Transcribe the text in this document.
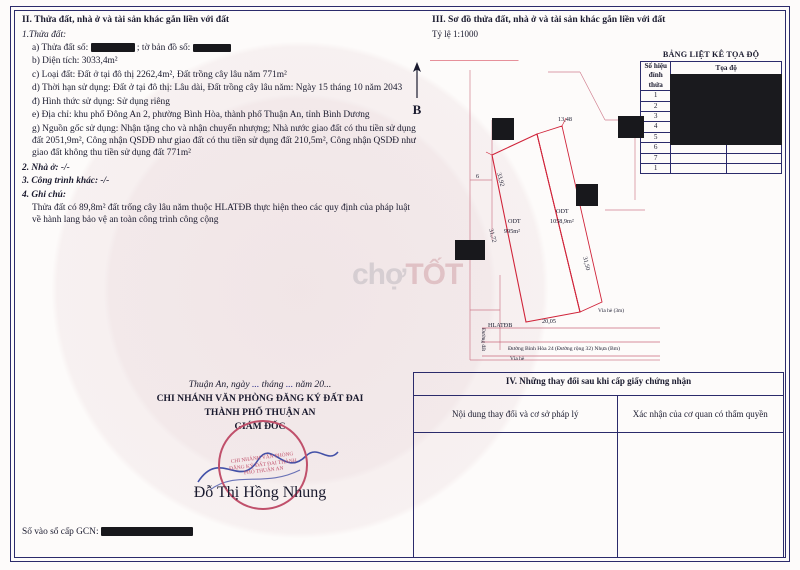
II. Thửa đất, nhà ở và tài sản khác gắn liền với đất
1.Thửa đất:
a) Thửa đất số:	; tờ bản đồ số:
b) Diện tích: 3033,4m²
c) Loại đất: Đất ở tại đô thị 2262,4m², Đất trồng cây lâu năm 771m²
d) Thời hạn sử dụng: Đất ở tại đô thị: Lâu dài, Đất trồng cây lâu năm: Ngày 15 tháng 10 năm 2043
đ) Hình thức sử dụng: Sử dụng riêng
e) Địa chỉ: khu phố Đông An 2, phường Bình Hòa, thành phố Thuận An, tỉnh Bình Dương
g) Nguồn gốc sử dụng: Nhận tặng cho và nhận chuyển nhượng; Nhà nước giao đất có thu tiền sử dụng đất 2051,9m², Công nhận QSDĐ như giao đất có thu tiền sử dụng đất 210,5m², Công nhận QSDĐ như giao đất không thu tiền sử dụng đất 771m²
2. Nhà ở: -/-
3. Công trình khác: -/-
4. Ghi chú:
Thửa đất có 89,8m² đất trống cây lâu năm thuộc HLATĐB thực hiện theo các quy định của pháp luật về hành lang bảo vệ an toàn công trình công cộng
III. Sơ đồ thửa đất, nhà ở và tài sản khác gắn liền với đất
Tỷ lệ 1:1000
BẢNG LIỆT KÊ TỌA ĐỘ
Số hiệu đỉnh thửa	Tọa độ	

1		
2		
3		
4		
5		
6		
7		
1		
B
13,48
33,92
31,72
31,50
20,05
6
ODT
995m²
ODT
1058,9m²
HLATĐB
Đường Bình Hòa 24 (Đường rộng 32) Nhựa (Bm)
Đường đất
Vìa hè
Vỉa hè (3m)
chợTỐT
Thuận An, ngày ... tháng ... năm 20...
CHI NHÁNH VĂN PHÒNG ĐĂNG KÝ ĐẤT ĐAI
THÀNH PHỐ THUẬN AN
GIÁM ĐỐC
CHI NHÁNH VĂN PHÒNG ĐĂNG KÝ ĐẤT ĐAI THÀNH PHỐ THUẬN AN
Đỗ Thị Hồng Nhung
Số vào sổ cấp GCN:
IV. Những thay đổi sau khi cấp giấy chứng nhận	
Nội dung thay đổi và cơ sở pháp lý	Xác nhận của cơ quan có thẩm quyền
